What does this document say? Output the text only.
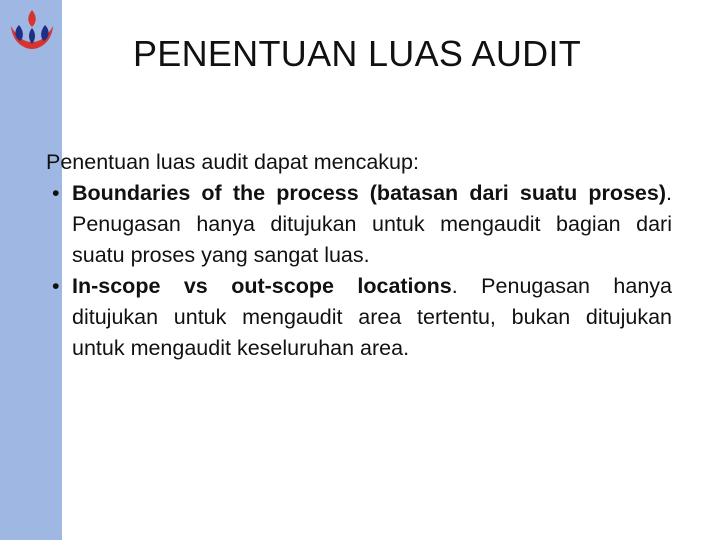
PENENTUAN LUAS AUDIT

Penentuan luas audit dapat mencakup:

• Boundaries of the process (batasan dari suatu proses). Penugasan hanya ditujukan untuk mengaudit bagian dari suatu proses yang sangat luas.
• In-scope vs out-scope locations. Penugasan hanya ditujukan untuk mengaudit area tertentu, bukan ditujukan untuk mengaudit keseluruhan area.
